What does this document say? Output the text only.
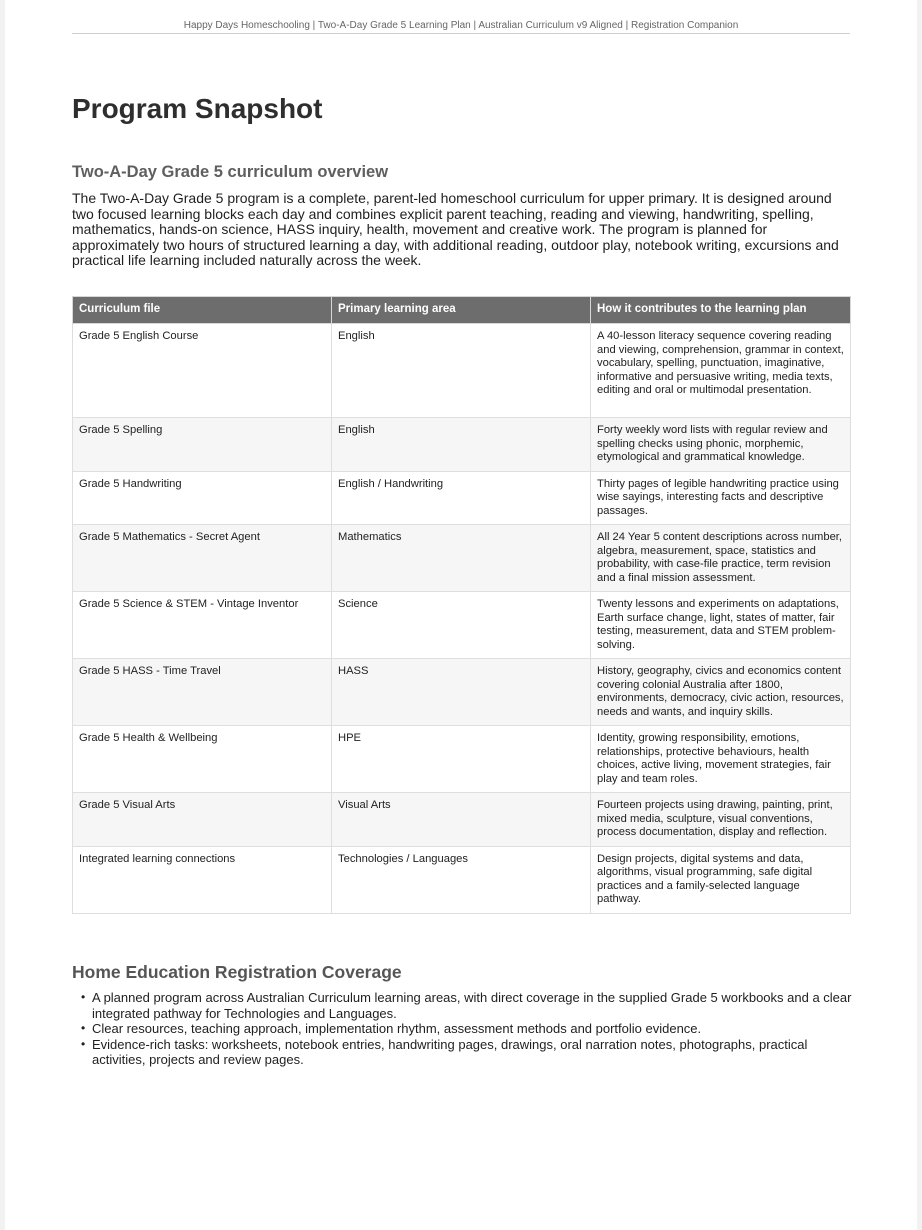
Happy Days Homeschooling | Two-A-Day Grade 5 Learning Plan | Australian Curriculum v9 Aligned | Registration Companion
Program Snapshot
Two-A-Day Grade 5 curriculum overview

The Two-A-Day Grade 5 program is a complete, parent-led homeschool curriculum for upper primary. It is designed around two focused learning blocks each day and combines explicit parent teaching, reading and viewing, handwriting, spelling, mathematics, hands-on science, HASS inquiry, health, movement and creative work. The program is planned for approximately two hours of structured learning a day, with additional reading, outdoor play, notebook writing, excursions and practical life learning included naturally across the week.

Curriculum file	Primary learning area	How it contributes to the learning plan
Grade 5 English Course	English	A 40-lesson literacy sequence covering reading and viewing, comprehension, grammar in context, vocabulary, spelling, punctuation, imaginative, informative and persuasive writing, media texts, editing and oral or multimodal presentation.
Grade 5 Spelling	English	Forty weekly word lists with regular review and spelling checks using phonic, morphemic, etymological and grammatical knowledge.
Grade 5 Handwriting	English / Handwriting	Thirty pages of legible handwriting practice using wise sayings, interesting facts and descriptive passages.
Grade 5 Mathematics - Secret Agent	Mathematics	All 24 Year 5 content descriptions across number, algebra, measurement, space, statistics and probability, with case-file practice, term revision and a final mission assessment.
Grade 5 Science & STEM - Vintage Inventor	Science	Twenty lessons and experiments on adaptations, Earth surface change, light, states of matter, fair testing, measurement, data and STEM problem-solving.
Grade 5 HASS - Time Travel	HASS	History, geography, civics and economics content covering colonial Australia after 1800, environments, democracy, civic action, resources, needs and wants, and inquiry skills.
Grade 5 Health & Wellbeing	HPE	Identity, growing responsibility, emotions, relationships, protective behaviours, health choices, active living, movement strategies, fair play and team roles.
Grade 5 Visual Arts	Visual Arts	Fourteen projects using drawing, painting, print, mixed media, sculpture, visual conventions, process documentation, display and reflection.
Integrated learning connections	Technologies / Languages	Design projects, digital systems and data, algorithms, visual programming, safe digital practices and a family-selected language pathway.
Home Education Registration Coverage
• A planned program across Australian Curriculum learning areas, with direct coverage in the supplied Grade 5 workbooks and a clear integrated pathway for Technologies and Languages.
• Clear resources, teaching approach, implementation rhythm, assessment methods and portfolio evidence.
• Evidence-rich tasks: worksheets, notebook entries, handwriting pages, drawings, oral narration notes, photographs, practical activities, projects and review pages.
